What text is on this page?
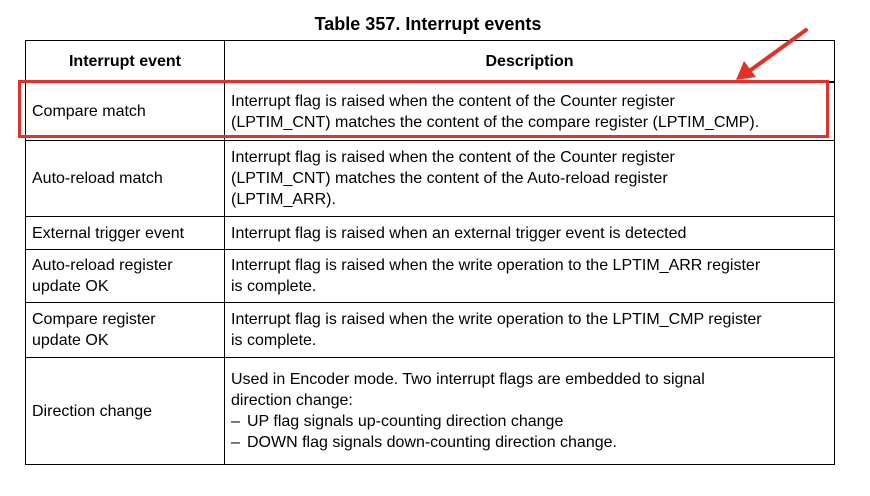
Table 357. Interrupt events
Interrupt event	Description

Compare match	Interrupt flag is raised when the content of the Counter register
(LPTIM_CNT) matches the content of the compare register (LPTIM_CMP).

Auto-reload match	Interrupt flag is raised when the content of the Counter register
(LPTIM_CNT) matches the content of the Auto-reload register
(LPTIM_ARR).

External trigger event	Interrupt flag is raised when an external trigger event is detected

Auto-reload register
update OK	Interrupt flag is raised when the write operation to the LPTIM_ARR register
is complete.

Compare register
update OK	Interrupt flag is raised when the write operation to the LPTIM_CMP register
is complete.

Direction change	Used in Encoder mode. Two interrupt flags are embedded to signal
direction change:
– UP flag signals up-counting direction change
– DOWN flag signals down-counting direction change.
